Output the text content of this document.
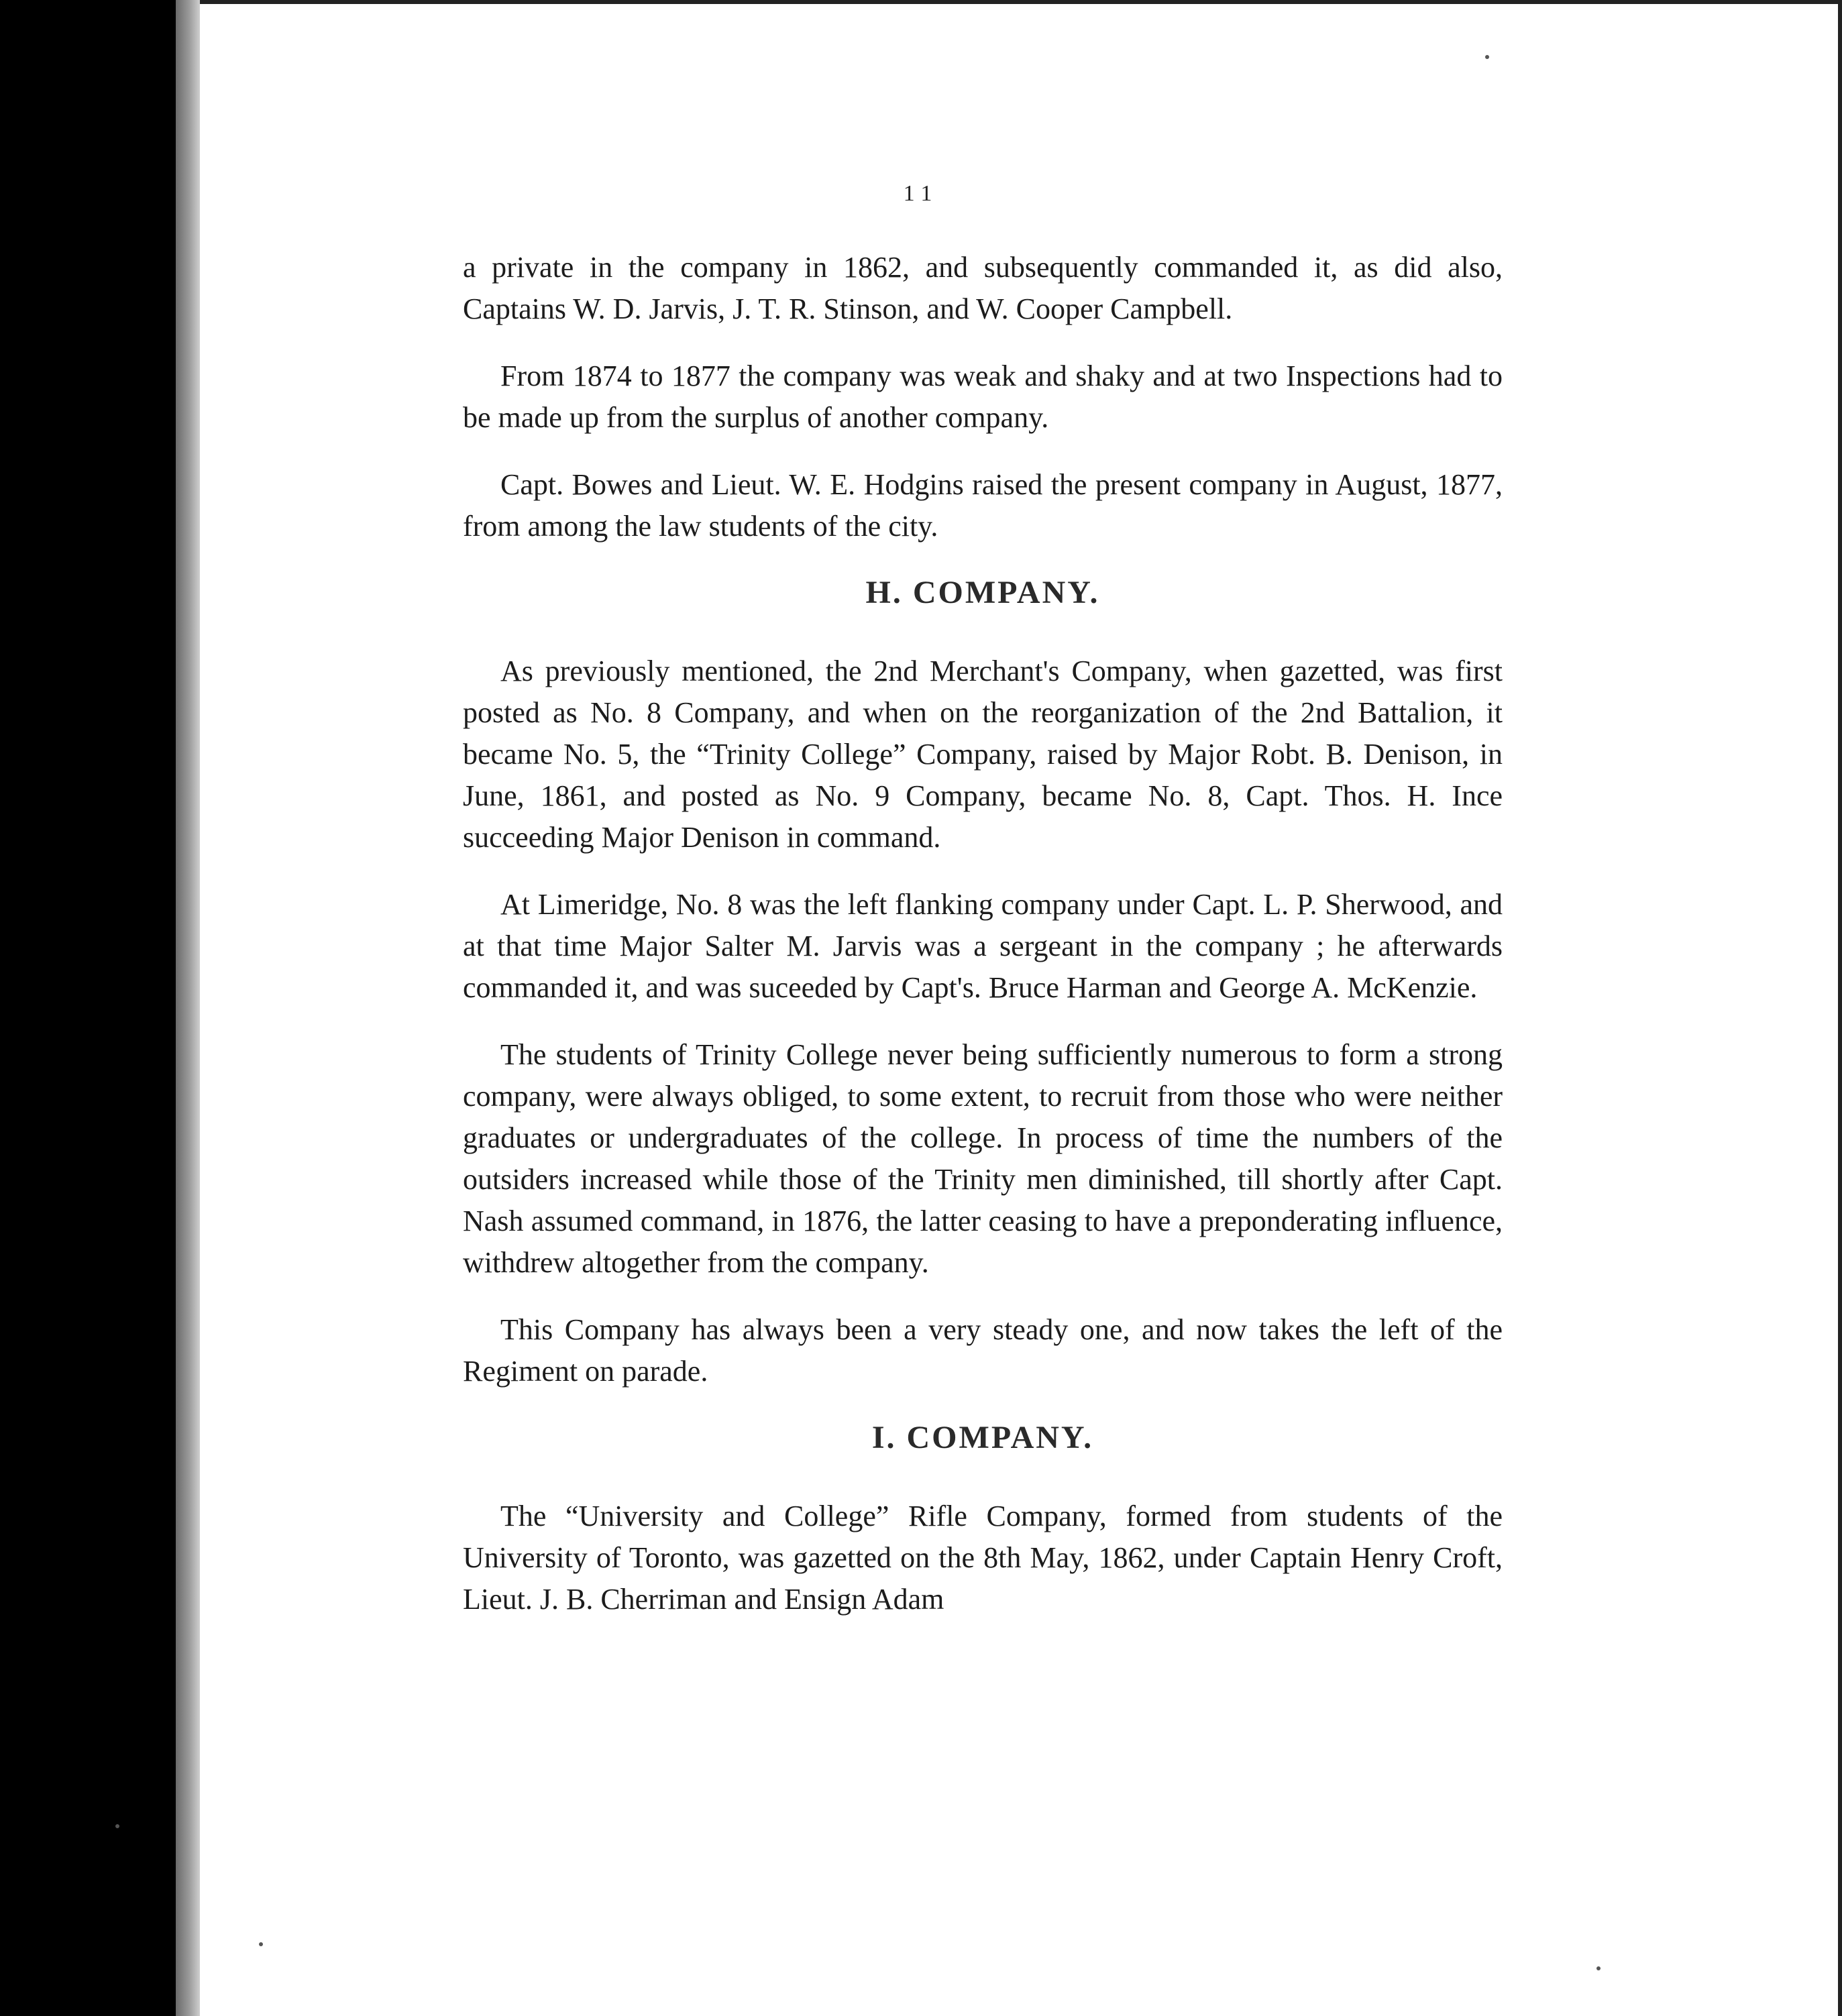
11

a private in the company in 1862, and subsequently commanded it, as did also, Captains W. D. Jarvis, J. T. R. Stinson, and W. Cooper Campbell.

From 1874 to 1877 the company was weak and shaky and at two Inspections had to be made up from the surplus of another company.

Capt. Bowes and Lieut. W. E. Hodgins raised the present company in August, 1877, from among the law students of the city.

H. COMPANY.

As previously mentioned, the 2nd Merchant's Company, when gazetted, was first posted as No. 8 Company, and when on the reorganization of the 2nd Battalion, it became No. 5, the “Trinity College” Company, raised by Major Robt. B. Denison, in June, 1861, and posted as No. 9 Company, became No. 8, Capt. Thos. H. Ince succeeding Major Denison in command.

At Limeridge, No. 8 was the left flanking company under Capt. L. P. Sherwood, and at that time Major Salter M. Jarvis was a sergeant in the company ; he afterwards commanded it, and was suceeded by Capt's. Bruce Harman and George A. McKenzie.

The students of Trinity College never being sufficiently numerous to form a strong company, were always obliged, to some extent, to recruit from those who were neither graduates or undergraduates of the college. In process of time the numbers of the outsiders increased while those of the Trinity men diminished, till shortly after Capt. Nash assumed command, in 1876, the latter ceasing to have a preponderating influence, withdrew altogether from the company.

This Company has always been a very steady one, and now takes the left of the Regiment on parade.

I. COMPANY.

The “University and College” Rifle Company, formed from students of the University of Toronto, was gazetted on the 8th May, 1862, under Captain Henry Croft, Lieut. J. B. Cherriman and Ensign Adam
